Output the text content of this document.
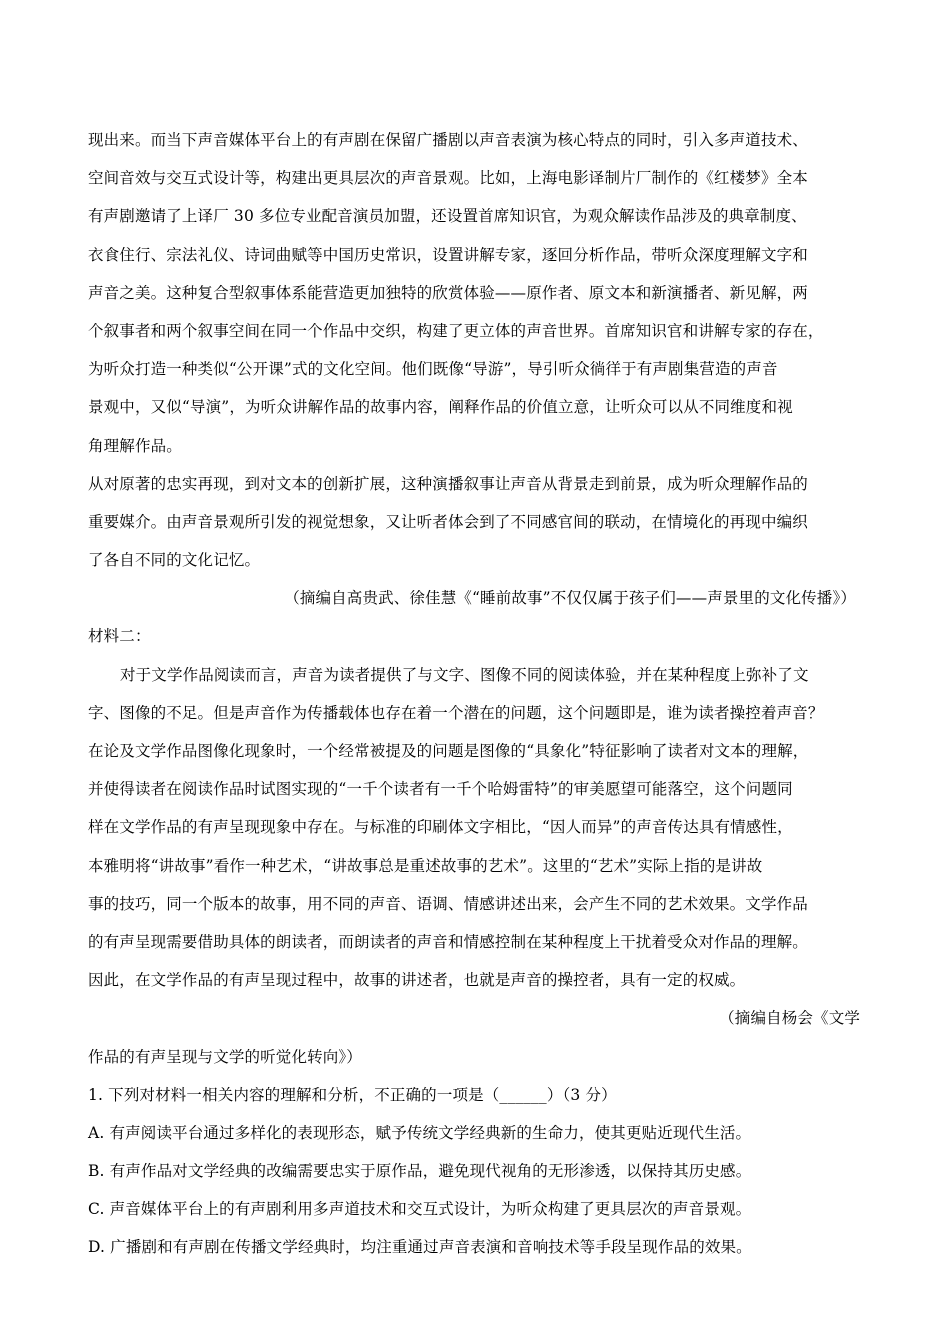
现出来。而当下声音媒体平台上的有声剧在保留广播剧以声音表演为核心特点的同时，引入多声道技术、
空间音效与交互式设计等，构建出更具层次的声音景观。比如，上海电影译制片厂制作的《红楼梦》全本
有声剧邀请了上译厂 30 多位专业配音演员加盟，还设置首席知识官，为观众解读作品涉及的典章制度、
衣食住行、宗法礼仪、诗词曲赋等中国历史常识，设置讲解专家，逐回分析作品，带听众深度理解文字和
声音之美。这种复合型叙事体系能营造更加独特的欣赏体验——原作者、原文本和新演播者、新见解，两
个叙事者和两个叙事空间在同一个作品中交织，构建了更立体的声音世界。首席知识官和讲解专家的存在，
为听众打造一种类似“公开课”式的文化空间。他们既像“导游”，导引听众徜徉于有声剧集营造的声音
景观中，又似“导演”，为听众讲解作品的故事内容，阐释作品的价值立意，让听众可以从不同维度和视
角理解作品。
从对原著的忠实再现，到对文本的创新扩展，这种演播叙事让声音从背景走到前景，成为听众理解作品的
重要媒介。由声音景观所引发的视觉想象，又让听者体会到了不同感官间的联动，在情境化的再现中编织
了各自不同的文化记忆。
（摘编自高贵武、徐佳慧《“睡前故事”不仅仅属于孩子们——声景里的文化传播》）
材料二：
对于文学作品阅读而言，声音为读者提供了与文字、图像不同的阅读体验，并在某种程度上弥补了文
字、图像的不足。但是声音作为传播载体也存在着一个潜在的问题，这个问题即是，谁为读者操控着声音？
在论及文学作品图像化现象时，一个经常被提及的问题是图像的“具象化”特征影响了读者对文本的理解，
并使得读者在阅读作品时试图实现的“一千个读者有一千个哈姆雷特”的审美愿望可能落空，这个问题同
样在文学作品的有声呈现现象中存在。与标准的印刷体文字相比，“因人而异”的声音传达具有情感性，
本雅明将“讲故事”看作一种艺术，“讲故事总是重述故事的艺术”。这里的“艺术”实际上指的是讲故
事的技巧，同一个版本的故事，用不同的声音、语调、情感讲述出来，会产生不同的艺术效果。文学作品
的有声呈现需要借助具体的朗读者，而朗读者的声音和情感控制在某种程度上干扰着受众对作品的理解。
因此，在文学作品的有声呈现过程中，故事的讲述者，也就是声音的操控者，具有一定的权威。
（摘编自杨会《文学
作品的有声呈现与文学的听觉化转向》）
1. 下列对材料一相关内容的理解和分析，不正确的一项是（______）（3 分）
A. 有声阅读平台通过多样化的表现形态，赋予传统文学经典新的生命力，使其更贴近现代生活。
B. 有声作品对文学经典的改编需要忠实于原作品，避免现代视角的无形渗透，以保持其历史感。
C. 声音媒体平台上的有声剧利用多声道技术和交互式设计，为听众构建了更具层次的声音景观。
D. 广播剧和有声剧在传播文学经典时，均注重通过声音表演和音响技术等手段呈现作品的效果。
